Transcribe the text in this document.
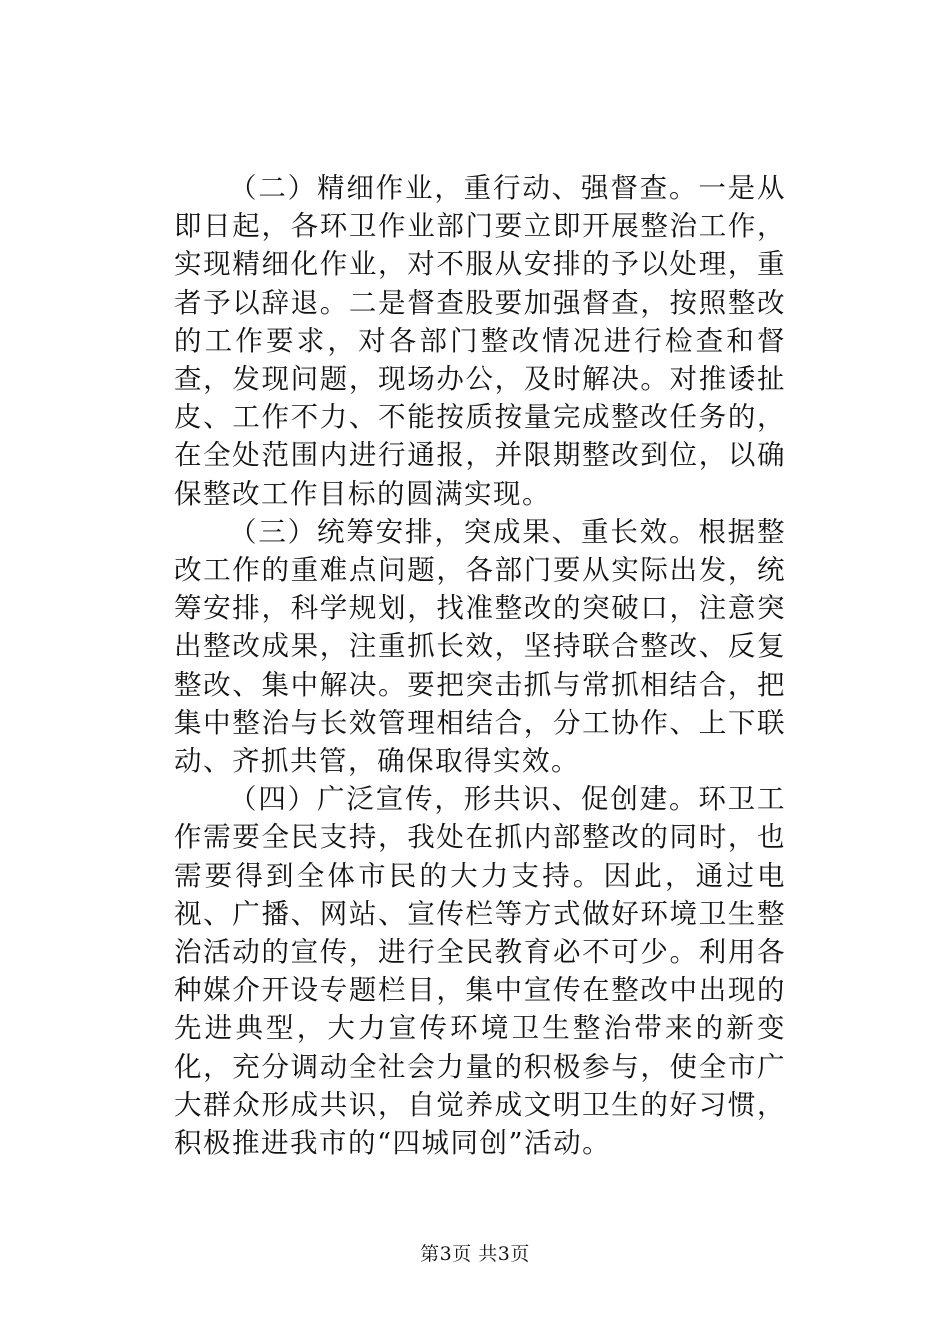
（二）精细作业，重行动、强督查。一是从即日起，各环卫作业部门要立即开展整治工作，实现精细化作业，对不服从安排的予以处理，重者予以辞退。二是督查股要加强督查，按照整改的工作要求，对各部门整改情况进行检查和督查，发现问题，现场办公，及时解决。对推诿扯皮、工作不力、不能按质按量完成整改任务的，在全处范围内进行通报，并限期整改到位，以确保整改工作目标的圆满实现。

（三）统筹安排，突成果、重长效。根据整改工作的重难点问题，各部门要从实际出发，统筹安排，科学规划，找准整改的突破口，注意突出整改成果，注重抓长效，坚持联合整改、反复整改、集中解决。要把突击抓与常抓相结合，把集中整治与长效管理相结合，分工协作、上下联动、齐抓共管，确保取得实效。

（四）广泛宣传，形共识、促创建。环卫工作需要全民支持，我处在抓内部整改的同时，也需要得到全体市民的大力支持。因此，通过电视、广播、网站、宣传栏等方式做好环境卫生整治活动的宣传，进行全民教育必不可少。利用各种媒介开设专题栏目，集中宣传在整改中出现的先进典型，大力宣传环境卫生整治带来的新变化，充分调动全社会力量的积极参与，使全市广大群众形成共识，自觉养成文明卫生的好习惯，积极推进我市的“四城同创”活动。

第3页 共3页
